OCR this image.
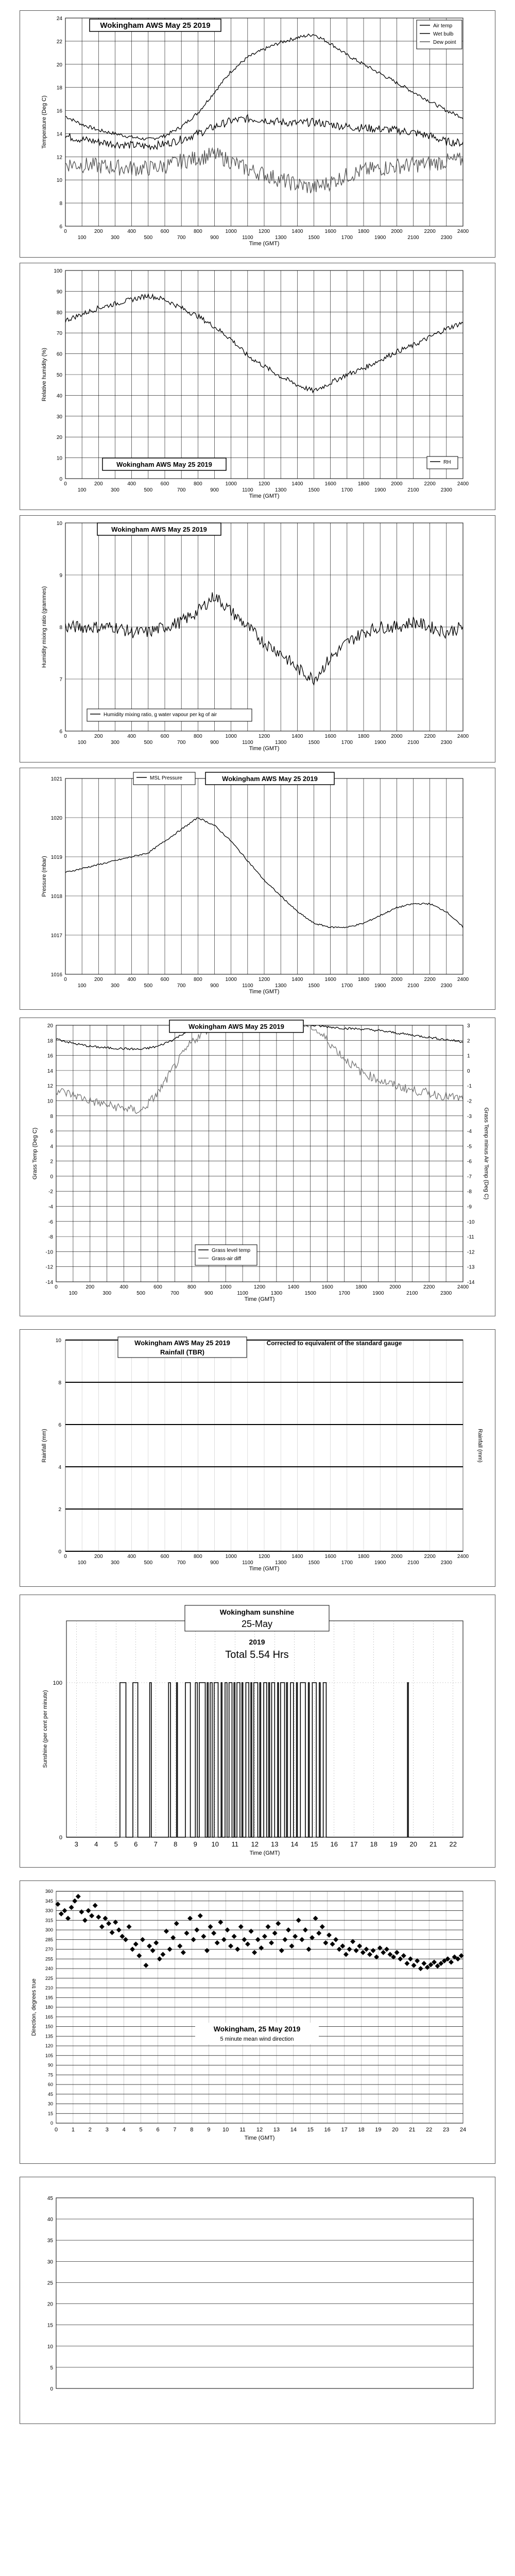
6
8
10
12
14
16
18
20
22
24
0
100
200
300
400
500
600
700
800
900
1000
1100
1200
1300
1400
1500
1600
1700
1800
1900
2000
2100
2200
2300
2400
Time (GMT)
Temperature (Deg C)
Wokingham AWS May 25 2019	Air temp
Wet bulb
Dew point
0
10
20
30
40
50
60
70
80
90
100
0
100
200
300
400
500
600
700
800
900
1000
1100
1200
1300
1400
1500
1600
1700
1800
1900
2000
2100
2200
2300
2400
Time (GMT)
Relative humidity (%)
Wokingham AWS May 25 2019	RH
6
7
8
9
10
0
100
200
300
400
500
600
700
800
900
1000
1100
1200
1300
1400
1500
1600
1700
1800
1900
2000
2100
2200
2300
2400
Time (GMT)
Humidity mixing ratio (grammes)
Wokingham AWS May 25 2019
Humidity mixing ratio, g water vapour per kg of air
1016
1017
1018
1019
1020
1021
0
100
200
300
400
500
600
700
800
900
1000
1100
1200
1300
1400
1500
1600
1700
1800
1900
2000
2100
2200
2300
2400
Time (GMT)
Pressure (mbar)
Wokingham AWS May 25 2019
MSL Pressure
-14
-12
-10
-8
-6
-4
-2
0
2
4
6
8
10
12
14
16
18
20
0
100
200
300
400
500
600
700
800
900
1000
1100
1200
1300
1400
1500
1600
1700
1800
1900
2000
2100
2200
2300
2400
Time (GMT)
Grass Temp (Deg C)	Grass Temp minus Air Temp (Deg C)
-14
-13
-12
-11
-10
-9
-8
-7
-6
-5
-4
-3
-2
-1
0
1
2
3
Wokingham AWS May 25 2019
Grass level temp
Grass-air diff
0
2
4
6
8
10
0
100
200
300
400
500
600
700
800
900
1000
1100
1200
1300
1400
1500
1600
1700
1800
1900
2000
2100
2200
2300
2400
Time (GMT)
Rainfall (mm)	Rainfall (mm)
Wokingham AWS May 25 2019
Rainfall (TBR)
Corrected to equivalent of the standard gauge
0
100
3 4 5 6 7 8 9 10 11 12 13 14 15 16 17 18 19 20 21 22
Time (GMT)
Sunshine (per cent per minute)
Wokingham sunshine
25-May
2019
Total 5.54 Hrs
0
15
30
45
60
75
90
105
120
135
150
165
180
195
210
225
240
255
270
285
300
315
330
345
360
0 1 2 3 4 5 6 7 8 9 10 11 12 13 14 15 16 17 18 19 20 21 22 23 24
Time (GMT)
Direction, degrees true	Wokingham, 25 May 2019
5 minute mean wind direction
0
5
10
15
20
25
30
35
40
45
